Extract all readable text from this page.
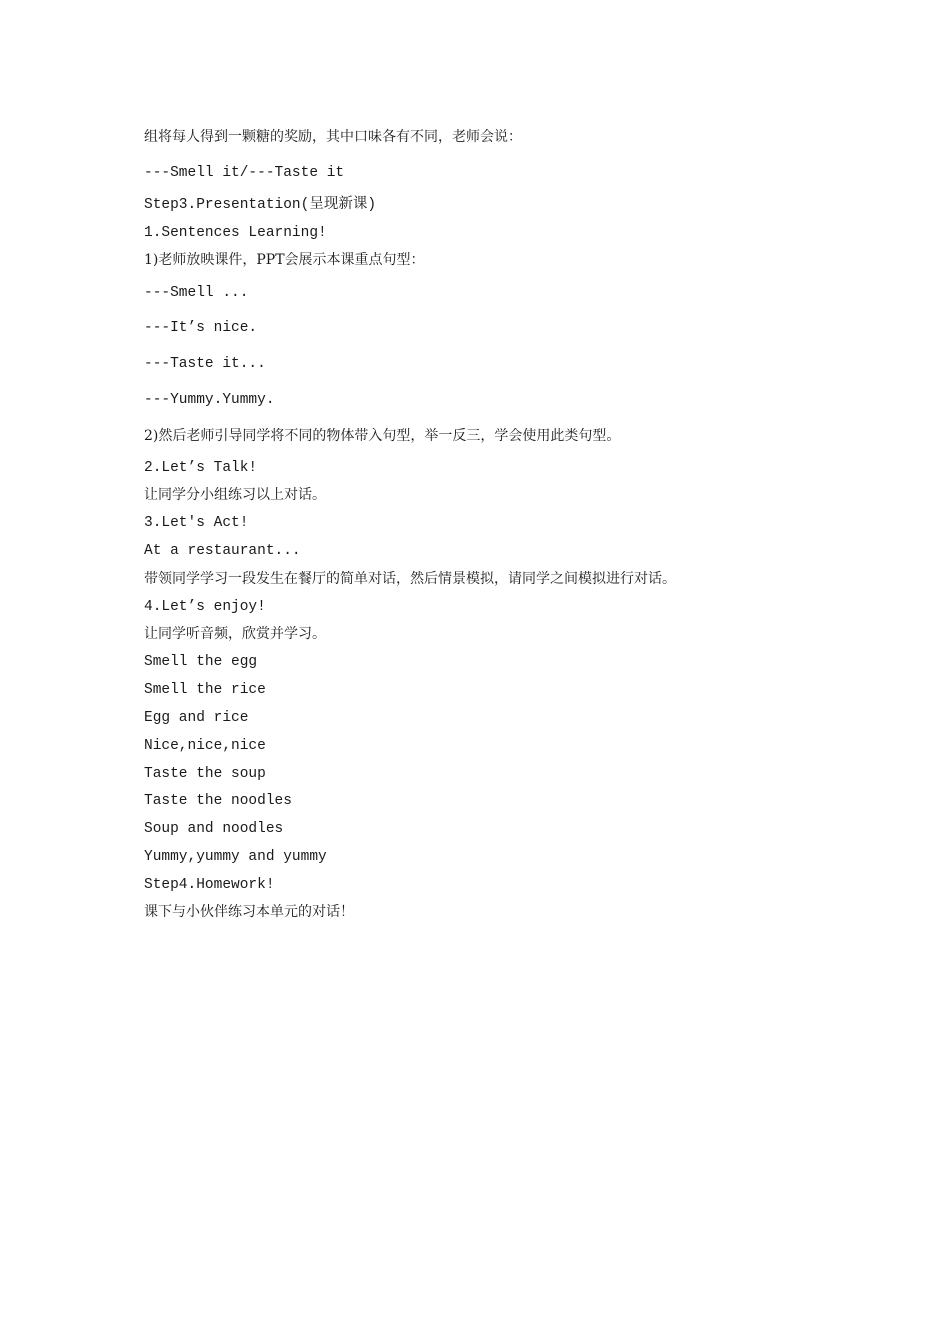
组将每人得到一颗糖的奖励，其中口味各有不同，老师会说：
---Smell it/---Taste it
Step3.Presentation(呈现新课)
1.Sentences Learning!
1)老师放映课件，PPT会展示本课重点句型：
---Smell ...
---It’s nice.
---Taste it...
---Yummy.Yummy.
2)然后老师引导同学将不同的物体带入句型，举一反三，学会使用此类句型。
2.Let’s Talk!
让同学分小组练习以上对话。
3.Let's Act!
At a restaurant...
带领同学学习一段发生在餐厅的简单对话，然后情景模拟，请同学之间模拟进行对话。
4.Let’s enjoy!
让同学听音频，欣赏并学习。
Smell the egg
Smell the rice
Egg and rice
Nice,nice,nice
Taste the soup
Taste the noodles
Soup and noodles
Yummy,yummy and yummy
Step4.Homework!
课下与小伙伴练习本单元的对话！
